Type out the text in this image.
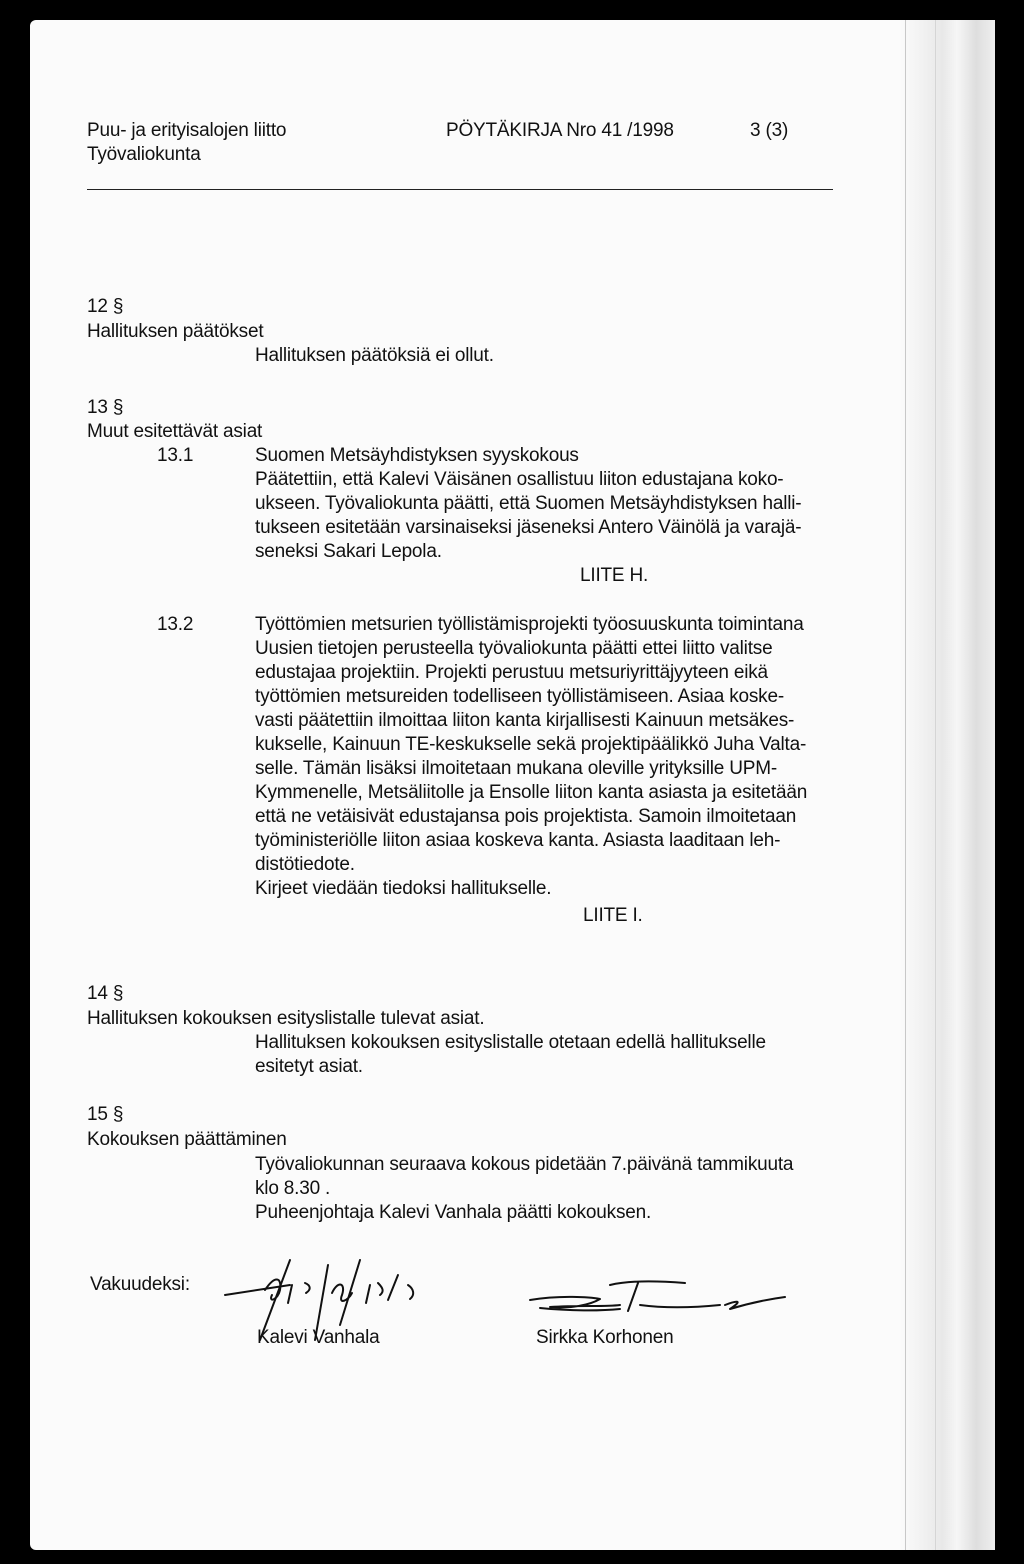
Puu- ja erityisalojen liitto
Työvaliokunta
PÖYTÄKIRJA Nro 41 /1998	3 (3)
12 §
Hallituksen päätökset
Hallituksen päätöksiä ei ollut.
13 §
Muut esitettävät asiat
13.1	Suomen Metsäyhdistyksen syyskokous
Päätettiin, että Kalevi Väisänen osallistuu liiton edustajana koko-
ukseen. Työvaliokunta päätti, että Suomen Metsäyhdistyksen halli-
tukseen esitetään varsinaiseksi jäseneksi Antero Väinölä ja varajä-
seneksi Sakari Lepola.
LIITE H.
13.2	Työttömien metsurien työllistämisprojekti työosuuskunta toimintana
Uusien tietojen perusteella työvaliokunta päätti ettei liitto valitse
edustajaa projektiin. Projekti perustuu metsuriyrittäjyyteen eikä
työttömien metsureiden todelliseen työllistämiseen. Asiaa koske-
vasti päätettiin ilmoittaa liiton kanta kirjallisesti Kainuun metsäkes-
kukselle, Kainuun TE-keskukselle sekä projektipäälikkö Juha Valta-
selle. Tämän lisäksi ilmoitetaan mukana oleville yrityksille UPM-
Kymmenelle, Metsäliitolle ja Ensolle liiton kanta asiasta ja esitetään
että ne vetäisivät edustajansa pois projektista. Samoin ilmoitetaan
työministeriölle liiton asiaa koskeva kanta. Asiasta laaditaan leh-
distötiedote.
Kirjeet viedään tiedoksi hallitukselle.
LIITE I.
14 §
Hallituksen kokouksen esityslistalle tulevat asiat.
Hallituksen kokouksen esityslistalle otetaan edellä hallitukselle
esitetyt asiat.
15 §
Kokouksen päättäminen
Työvaliokunnan seuraava kokous pidetään 7.päivänä tammikuuta
klo 8.30 .
Puheenjohtaja Kalevi Vanhala päätti kokouksen.
Vakuudeksi:
Kalevi Vanhala	Sirkka Korhonen
